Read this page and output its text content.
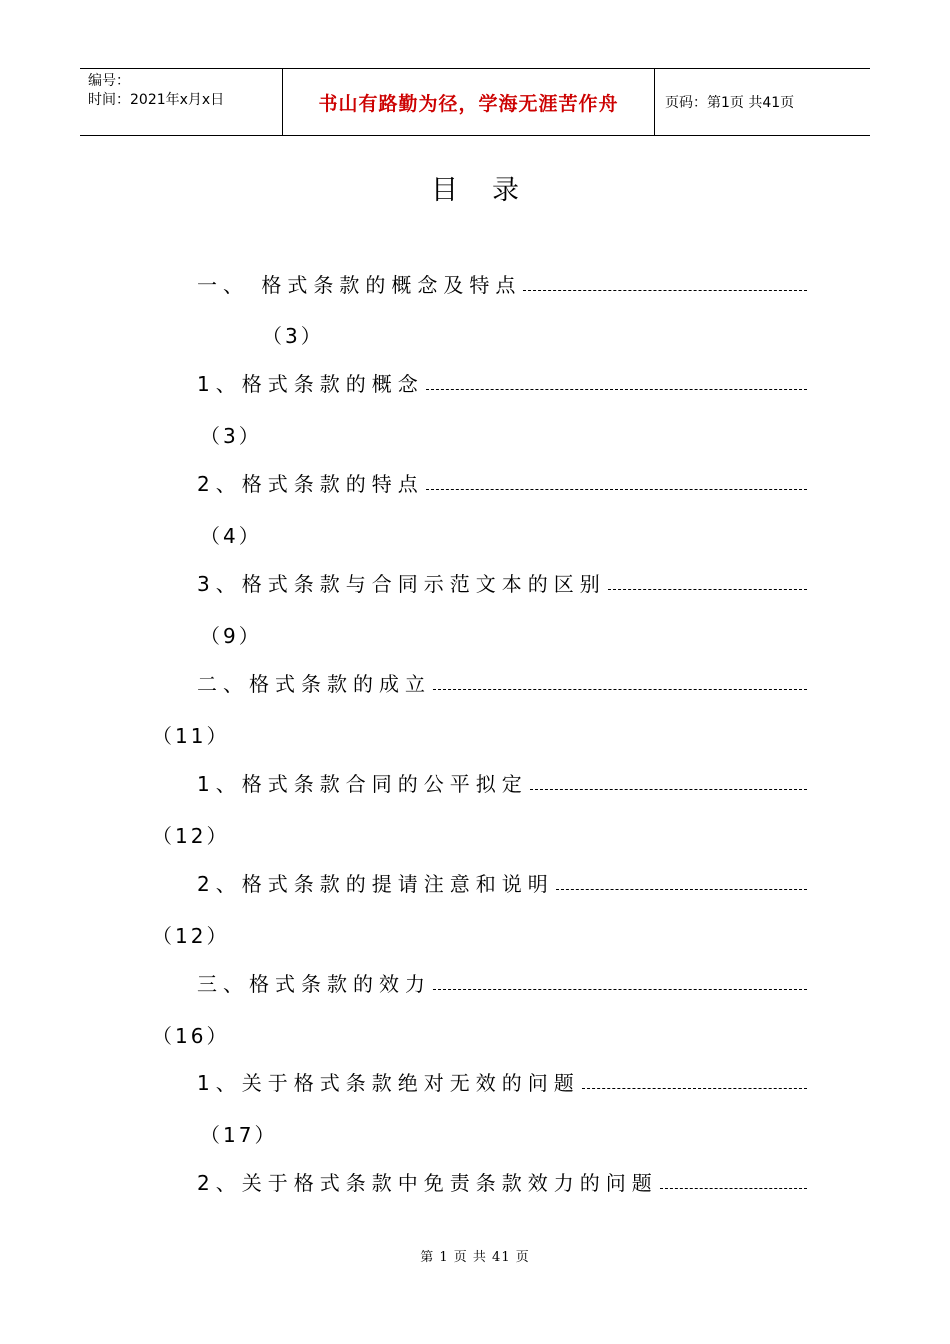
编号：
时间：2021年x月x日	书山有路勤为径，学海无涯苦作舟	页码：第1页 共41页
目录
一、 格式条款的概念及特点
（3）
1、格式条款的概念
（3）
2、格式条款的特点
（4）
3、格式条款与合同示范文本的区别
（9）
二、格式条款的成立
（11）
1、格式条款合同的公平拟定
（12）
2、格式条款的提请注意和说明
（12）
三、格式条款的效力
（16）
1、关于格式条款绝对无效的问题
（17）
2、关于格式条款中免责条款效力的问题
第 1 页 共 41 页
